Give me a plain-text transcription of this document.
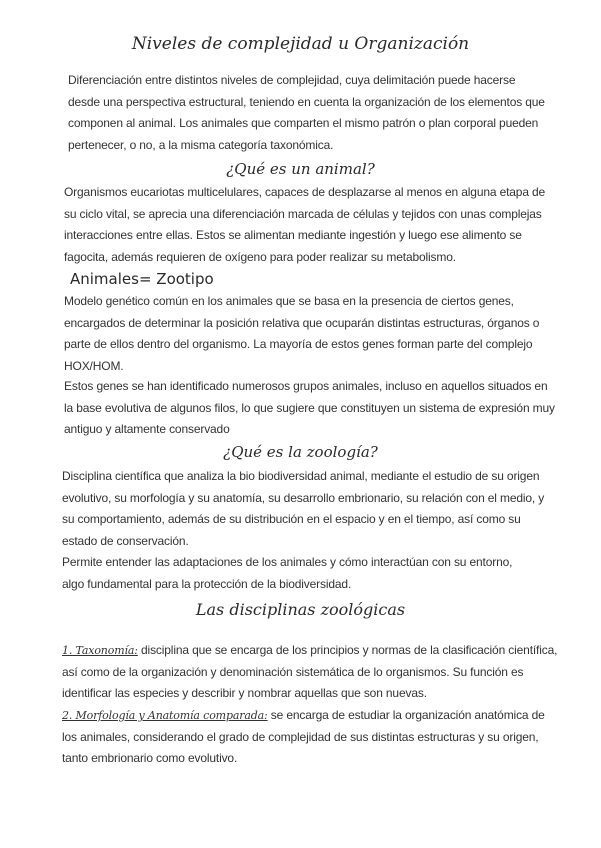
Niveles de complejidad u Organización

Diferenciación entre distintos niveles de complejidad, cuya delimitación puede hacerse desde una perspectiva estructural, teniendo en cuenta la organización de los elementos que componen al animal. Los animales que comparten el mismo patrón o plan corporal pueden pertenecer, o no, a la misma categoría taxonómica.

¿Qué es un animal?

Organismos eucariotas multicelulares, capaces de desplazarse al menos en alguna etapa de su ciclo vital, se aprecia una diferenciación marcada de células y tejidos con unas complejas interacciones entre ellas. Estos se alimentan mediante ingestión y luego ese alimento se fagocita, además requieren de oxígeno para poder realizar su metabolismo.

Animales= Zootipo

Modelo genético común en los animales que se basa en la presencia de ciertos genes, encargados de determinar la posición relativa que ocuparán distintas estructuras, órganos o parte de ellos dentro del organismo. La mayoría de estos genes forman parte del complejo HOX/HOM.

Estos genes se han identificado numerosos grupos animales, incluso en aquellos situados en la base evolutiva de algunos filos, lo que sugiere que constituyen un sistema de expresión muy antiguo y altamente conservado

¿Qué es la zoología?

Disciplina científica que analiza la bio biodiversidad animal, mediante el estudio de su origen evolutivo, su morfología y su anatomía, su desarrollo embrionario, su relación con el medio, y su comportamiento, además de su distribución en el espacio y en el tiempo, así como su estado de conservación.

Permite entender las adaptaciones de los animales y cómo interactúan con su entorno, algo fundamental para la protección de la biodiversidad.

Las disciplinas zoológicas

1. Taxonomía: disciplina que se encarga de los principios y normas de la clasificación científica, así como de la organización y denominación sistemática de lo organismos. Su función es identificar las especies y describir y nombrar aquellas que son nuevas.

2. Morfología y Anatomía comparada: se encarga de estudiar la organización anatómica de los animales, considerando el grado de complejidad de sus distintas estructuras y su origen, tanto embrionario como evolutivo.
